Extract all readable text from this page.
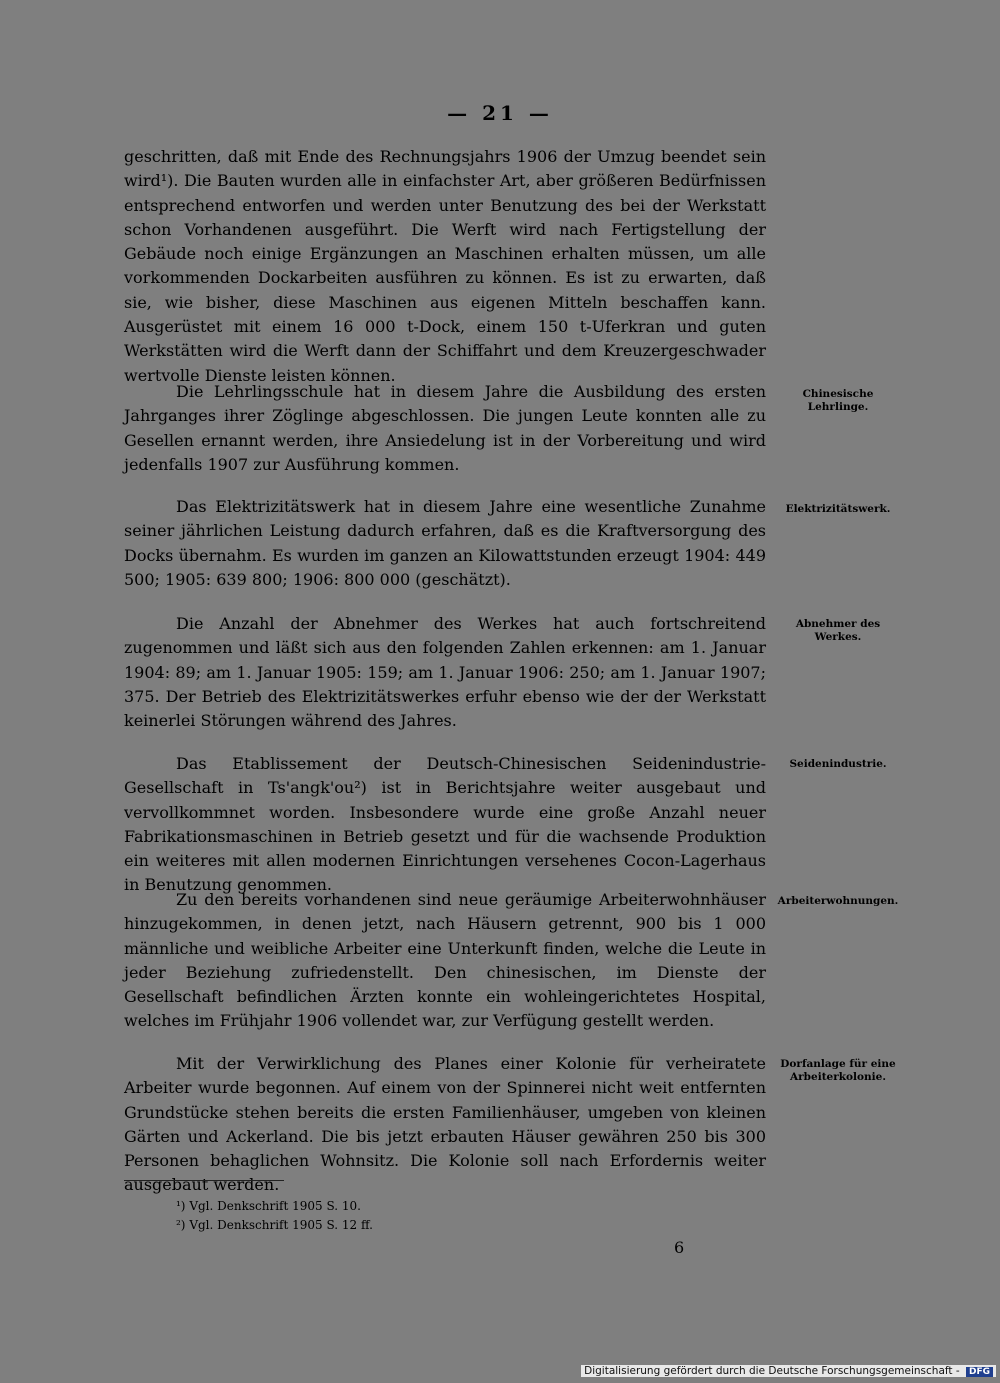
— 21 —

geschritten, daß mit Ende des Rechnungsjahrs 1906 der Umzug beendet sein wird¹). Die Bauten wurden alle in einfachster Art, aber größeren Bedürfnissen entsprechend entworfen und werden unter Benutzung des bei der Werkstatt schon Vorhandenen ausgeführt. Die Werft wird nach Fertigstellung der Gebäude noch einige Ergänzungen an Maschinen erhalten müssen, um alle vorkommenden Dockarbeiten ausführen zu können. Es ist zu erwarten, daß sie, wie bisher, diese Maschinen aus eigenen Mitteln beschaffen kann. Ausgerüstet mit einem 16 000 t-Dock, einem 150 t-Uferkran und guten Werkstätten wird die Werft dann der Schiffahrt und dem Kreuzergeschwader wertvolle Dienste leisten können.

Die Lehrlingsschule hat in diesem Jahre die Ausbildung des ersten Jahrganges ihrer Zöglinge abgeschlossen. Die jungen Leute konnten alle zu Gesellen ernannt werden, ihre Ansiedelung ist in der Vorbereitung und wird jedenfalls 1907 zur Ausführung kommen.

Das Elektrizitätswerk hat in diesem Jahre eine wesentliche Zunahme seiner jährlichen Leistung dadurch erfahren, daß es die Kraftversorgung des Docks übernahm. Es wurden im ganzen an Kilowattstunden erzeugt 1904: 449 500; 1905: 639 800; 1906: 800 000 (geschätzt).

Die Anzahl der Abnehmer des Werkes hat auch fortschreitend zugenommen und läßt sich aus den folgenden Zahlen erkennen: am 1. Januar 1904: 89; am 1. Januar 1905: 159; am 1. Januar 1906: 250; am 1. Januar 1907; 375. Der Betrieb des Elektrizitätswerkes erfuhr ebenso wie der der Werkstatt keinerlei Störungen während des Jahres.

Das Etablissement der Deutsch-Chinesischen Seidenindustrie-Gesellschaft in Ts'angk'ou²) ist in Berichtsjahre weiter ausgebaut und vervollkommnet worden. Insbesondere wurde eine große Anzahl neuer Fabrikationsmaschinen in Betrieb gesetzt und für die wachsende Produktion ein weiteres mit allen modernen Einrichtungen versehenes Cocon-Lagerhaus in Benutzung genommen.

Zu den bereits vorhandenen sind neue geräumige Arbeiterwohnhäuser hinzugekommen, in denen jetzt, nach Häusern getrennt, 900 bis 1 000 männliche und weibliche Arbeiter eine Unterkunft finden, welche die Leute in jeder Beziehung zufriedenstellt. Den chinesischen, im Dienste der Gesellschaft befindlichen Ärzten konnte ein wohleingerichtetes Hospital, welches im Frühjahr 1906 vollendet war, zur Verfügung gestellt werden.

Mit der Verwirklichung des Planes einer Kolonie für verheiratete Arbeiter wurde begonnen. Auf einem von der Spinnerei nicht weit entfernten Grundstücke stehen bereits die ersten Familienhäuser, umgeben von kleinen Gärten und Ackerland. Die bis jetzt erbauten Häuser gewähren 250 bis 300 Personen behaglichen Wohnsitz. Die Kolonie soll nach Erfordernis weiter ausgebaut werden.

Chinesische Lehrlinge.
Elektrizitätswerk.
Abnehmer des Werkes.
Seidenindustrie.
Arbeiterwohnungen.
Dorfanlage für eine Arbeiterkolonie.
¹) Vgl. Denkschrift 1905 S. 10.
²) Vgl. Denkschrift 1905 S. 12 ff.
6
Digitalisierung gefördert durch die Deutsche Forschungsgemeinschaft - DFG
